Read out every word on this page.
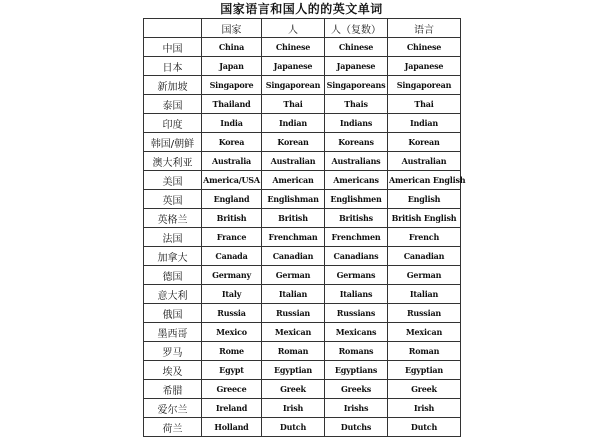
国家语言和国人的的英文单词
	国家	人	人（复数）	语言
中国	China	Chinese	Chinese	Chinese
日本	Japan	Japanese	Japanese	Japanese
新加坡	Singapore	Singaporean	Singaporeans	Singaporean
泰国	Thailand	Thai	Thais	Thai
印度	India	Indian	Indians	Indian
韩国/朝鲜	Korea	Korean	Koreans	Korean
澳大利亚	Australia	Australian	Australians	Australian
美国	America/USA	American	Americans	American English
英国	England	Englishman	Englishmen	English
英格兰	British	British	Britishs	British English
法国	France	Frenchman	Frenchmen	French
加拿大	Canada	Canadian	Canadians	Canadian
德国	Germany	German	Germans	German
意大利	Italy	Italian	Italians	Italian
俄国	Russia	Russian	Russians	Russian
墨西哥	Mexico	Mexican	Mexicans	Mexican
罗马	Rome	Roman	Romans	Roman
埃及	Egypt	Egyptian	Egyptians	Egyptian
希腊	Greece	Greek	Greeks	Greek
爱尔兰	Ireland	Irish	Irishs	Irish
荷兰	Holland	Dutch	Dutchs	Dutch
